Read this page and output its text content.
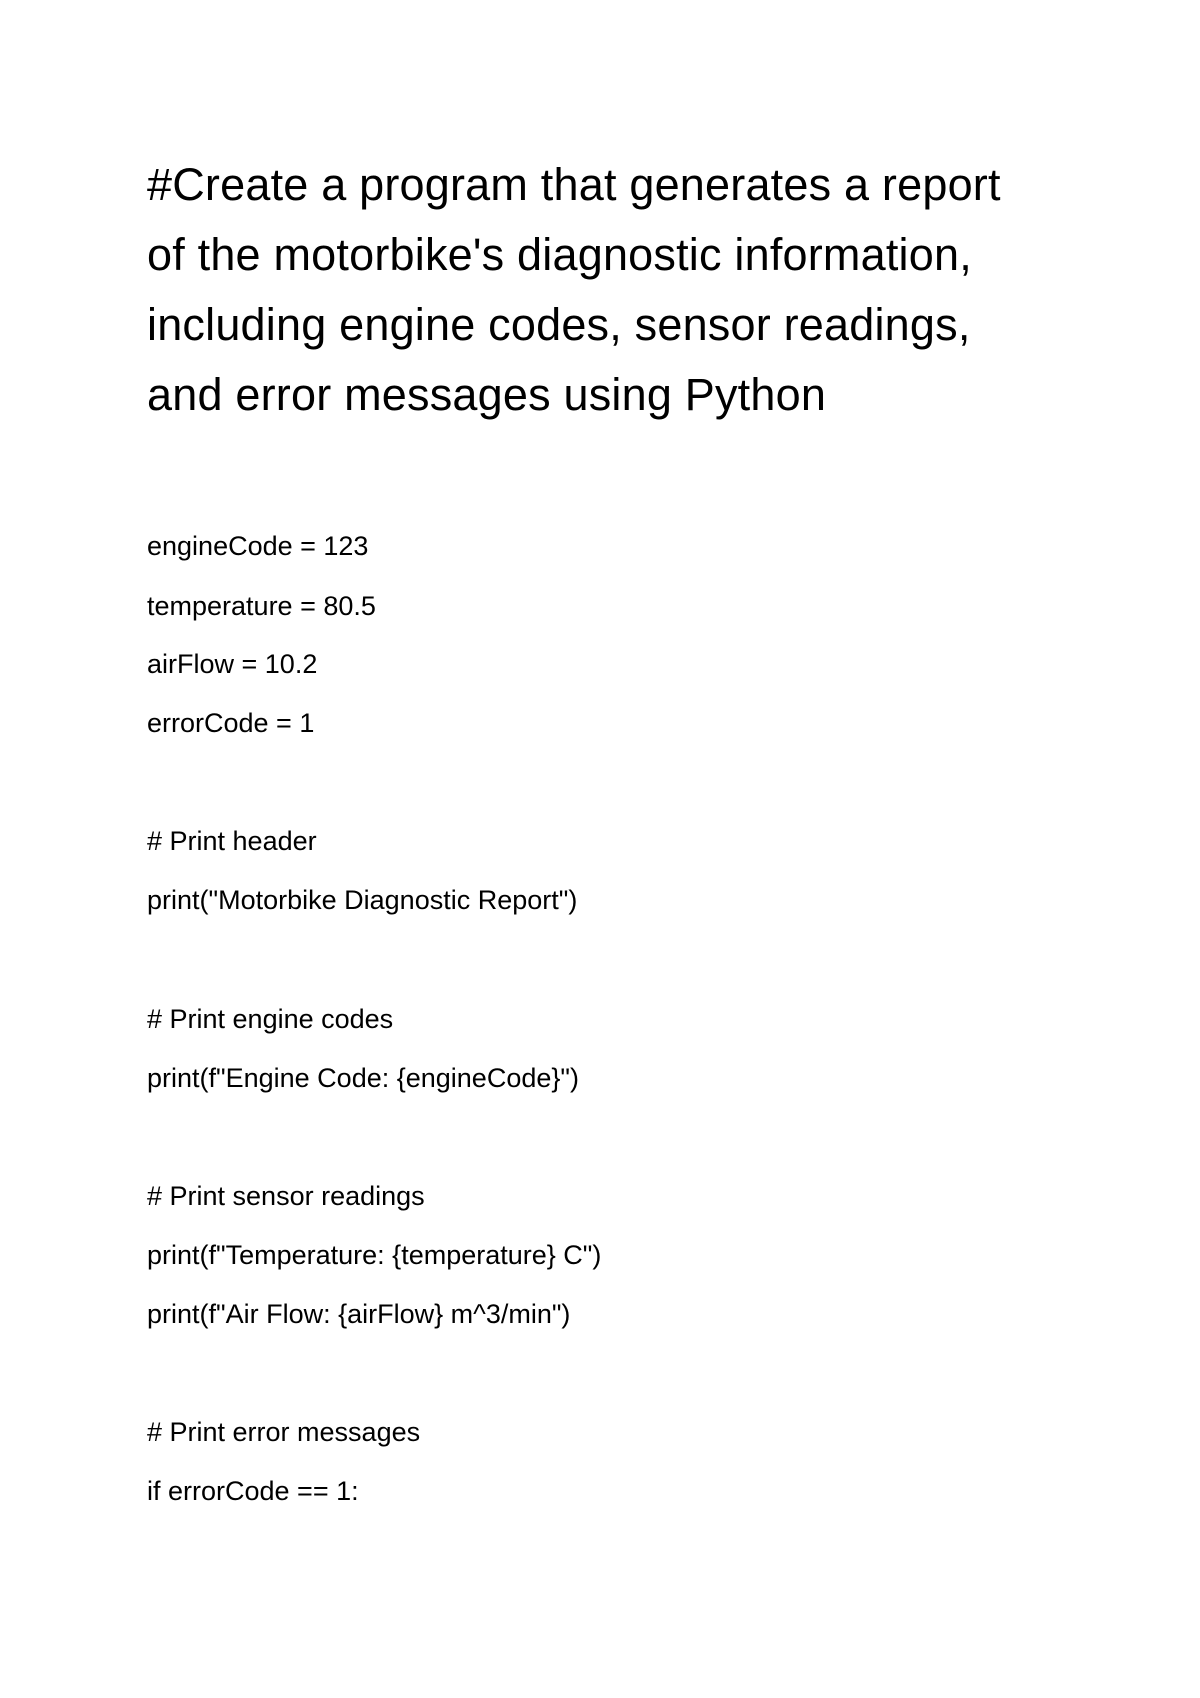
#Create a program that generates a report
of the motorbike's diagnostic information,
including engine codes, sensor readings,
and error messages using Python
engineCode = 123
temperature = 80.5
airFlow = 10.2
errorCode = 1
# Print header
print("Motorbike Diagnostic Report")
# Print engine codes
print(f"Engine Code: {engineCode}")
# Print sensor readings
print(f"Temperature: {temperature} C")
print(f"Air Flow: {airFlow} m^3/min")
# Print error messages
if errorCode == 1:
